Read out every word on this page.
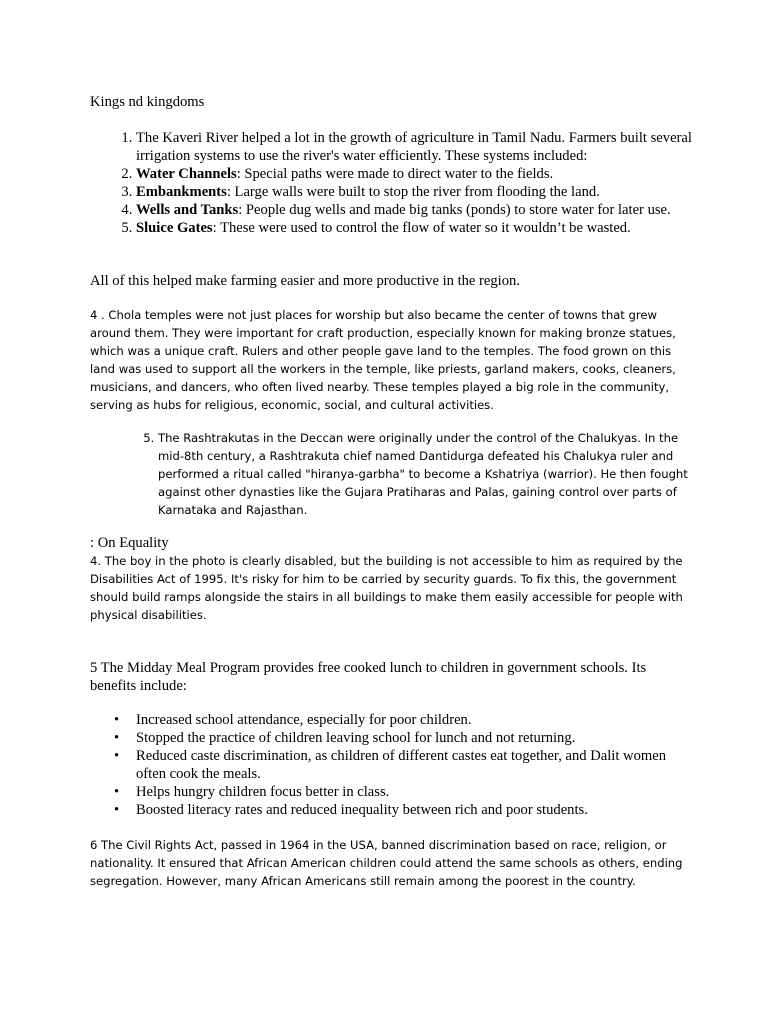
Kings nd kingdoms

1. The Kaveri River helped a lot in the growth of agriculture in Tamil Nadu. Farmers built several irrigation systems to use the river's water efficiently. These systems included:
2. Water Channels: Special paths were made to direct water to the fields.
3. Embankments: Large walls were built to stop the river from flooding the land.
4. Wells and Tanks: People dug wells and made big tanks (ponds) to store water for later use.
5. Sluice Gates: These were used to control the flow of water so it wouldn’t be wasted.

All of this helped make farming easier and more productive in the region.

4 . Chola temples were not just places for worship but also became the center of towns that grew around them. They were important for craft production, especially known for making bronze statues, which was a unique craft. Rulers and other people gave land to the temples. The food grown on this land was used to support all the workers in the temple, like priests, garland makers, cooks, cleaners, musicians, and dancers, who often lived nearby. These temples played a big role in the community, serving as hubs for religious, economic, social, and cultural activities.

5. The Rashtrakutas in the Deccan were originally under the control of the Chalukyas. In the mid-8th century, a Rashtrakuta chief named Dantidurga defeated his Chalukya ruler and performed a ritual called "hiranya-garbha" to become a Kshatriya (warrior). He then fought against other dynasties like the Gujara Pratiharas and Palas, gaining control over parts of Karnataka and Rajasthan.

: On Equality

4. The boy in the photo is clearly disabled, but the building is not accessible to him as required by the Disabilities Act of 1995. It's risky for him to be carried by security guards. To fix this, the government should build ramps alongside the stairs in all buildings to make them easily accessible for people with physical disabilities.

5 The Midday Meal Program provides free cooked lunch to children in government schools. Its benefits include:

• Increased school attendance, especially for poor children.
• Stopped the practice of children leaving school for lunch and not returning.
• Reduced caste discrimination, as children of different castes eat together, and Dalit women often cook the meals.
• Helps hungry children focus better in class.
• Boosted literacy rates and reduced inequality between rich and poor students.

6 The Civil Rights Act, passed in 1964 in the USA, banned discrimination based on race, religion, or nationality. It ensured that African American children could attend the same schools as others, ending segregation. However, many African Americans still remain among the poorest in the country.
